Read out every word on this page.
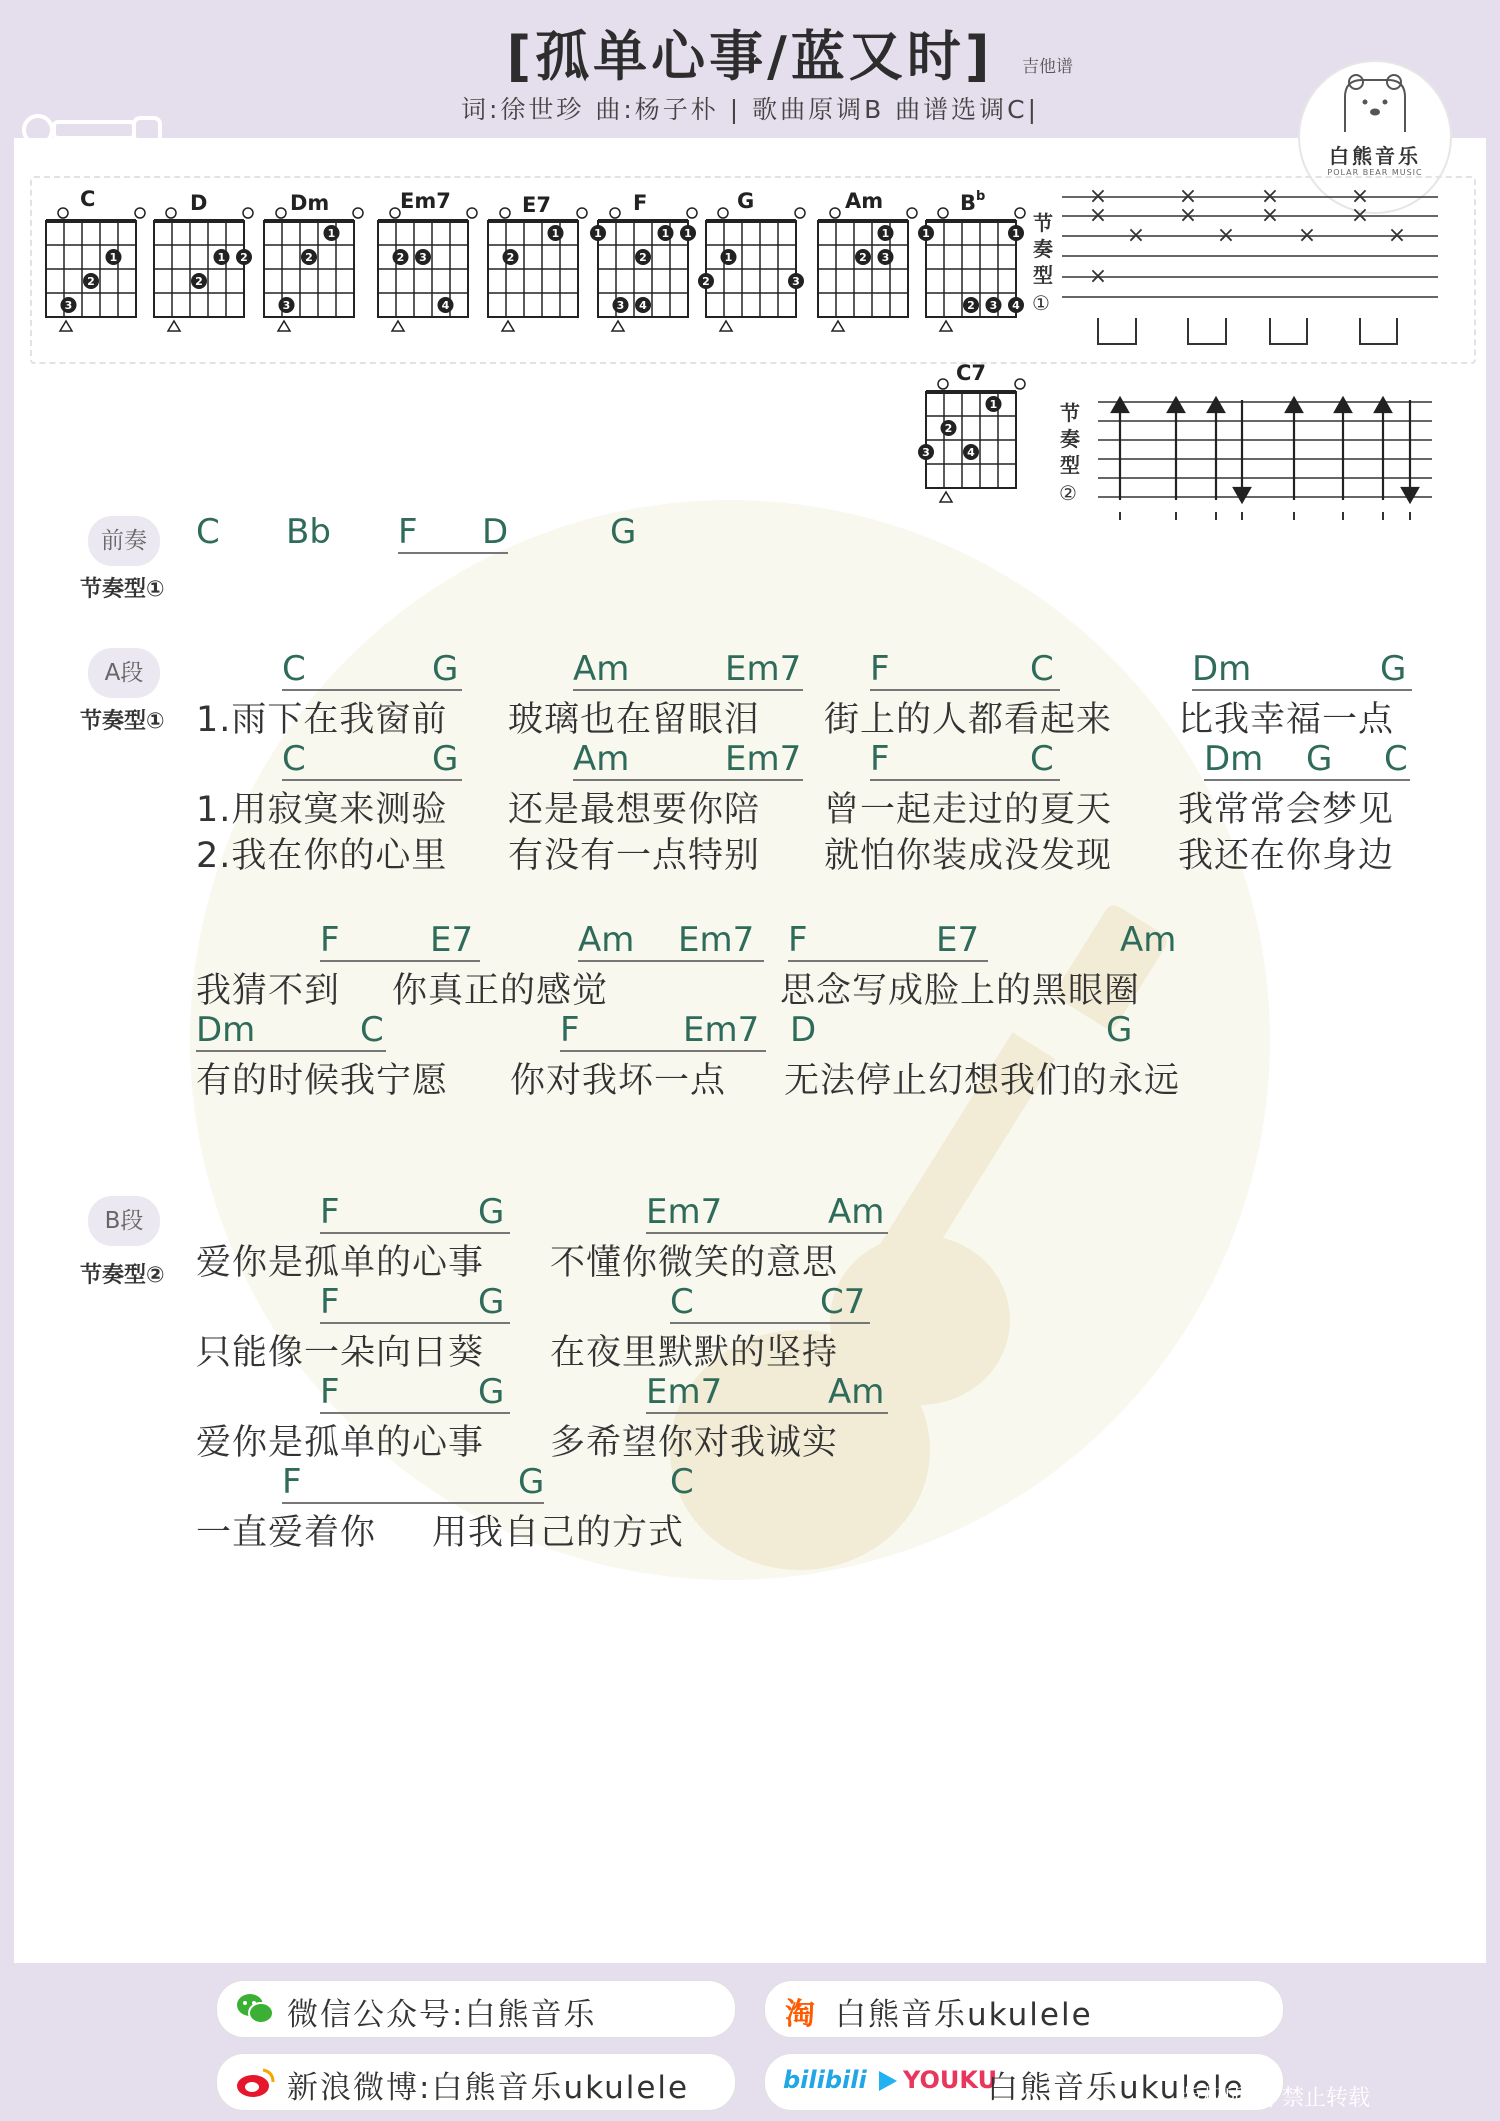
[孤单心事/蓝又时]	吉他谱
词:徐世珍 曲:杨子朴 | 歌曲原调B 曲谱选调C|
白熊音乐
POLAR BEAR MUSIC
1
2
3
1
2
2
1
2
3
2 3
4
1
2
1	1 1
2
3 4
1
2	3
1
2 3
1	1
2 3 4
1
2
3	4
C	D	Dm	Em7	E7	F	G	Am	$B^b$
C7
节
奏
型
①
×
×
×
×
×
×
×
×
×
×
×
×
×
节
奏
型
②
前奏
节奏型①
C Bb F D	G
A段
节奏型①
C	G	Am	Em7 F	C	Dm	G
1.雨下在我窗前 玻璃也在留眼泪 街上的人都看起来 比我幸福一点
C	G	Am	Em7 F	C	Dm G C
1.用寂寞来测验 还是最想要你陪 曾一起走过的夏天 我常常会梦见
2.我在你的心里 有没有一点特别 就怕你装成没发现 我还在你身边
F	E7	Am Em7 F	E7	Am
我猜不到 你真正的感觉	思念写成脸上的黑眼圈
Dm	C	F	Em7 D	G
有的时候我宁愿 你对我坏一点 无法停止幻想我们的永远
B段
节奏型②
F	G	Em7	Am
爱你是孤单的心事 不懂你微笑的意思
F	G	C	C7
只能像一朵向日葵 在夜里默默的坚持
F	G	Em7	Am
爱你是孤单的心事 多希望你对我诚实
F	G	C
一直爱着你 用我自己的方式
微信公众号:白熊音乐	淘 白熊音乐ukulele
新浪微博:白熊音乐ukulele	bilibili YOUKU
白熊音乐ukulele
版权所有, 禁止转载
